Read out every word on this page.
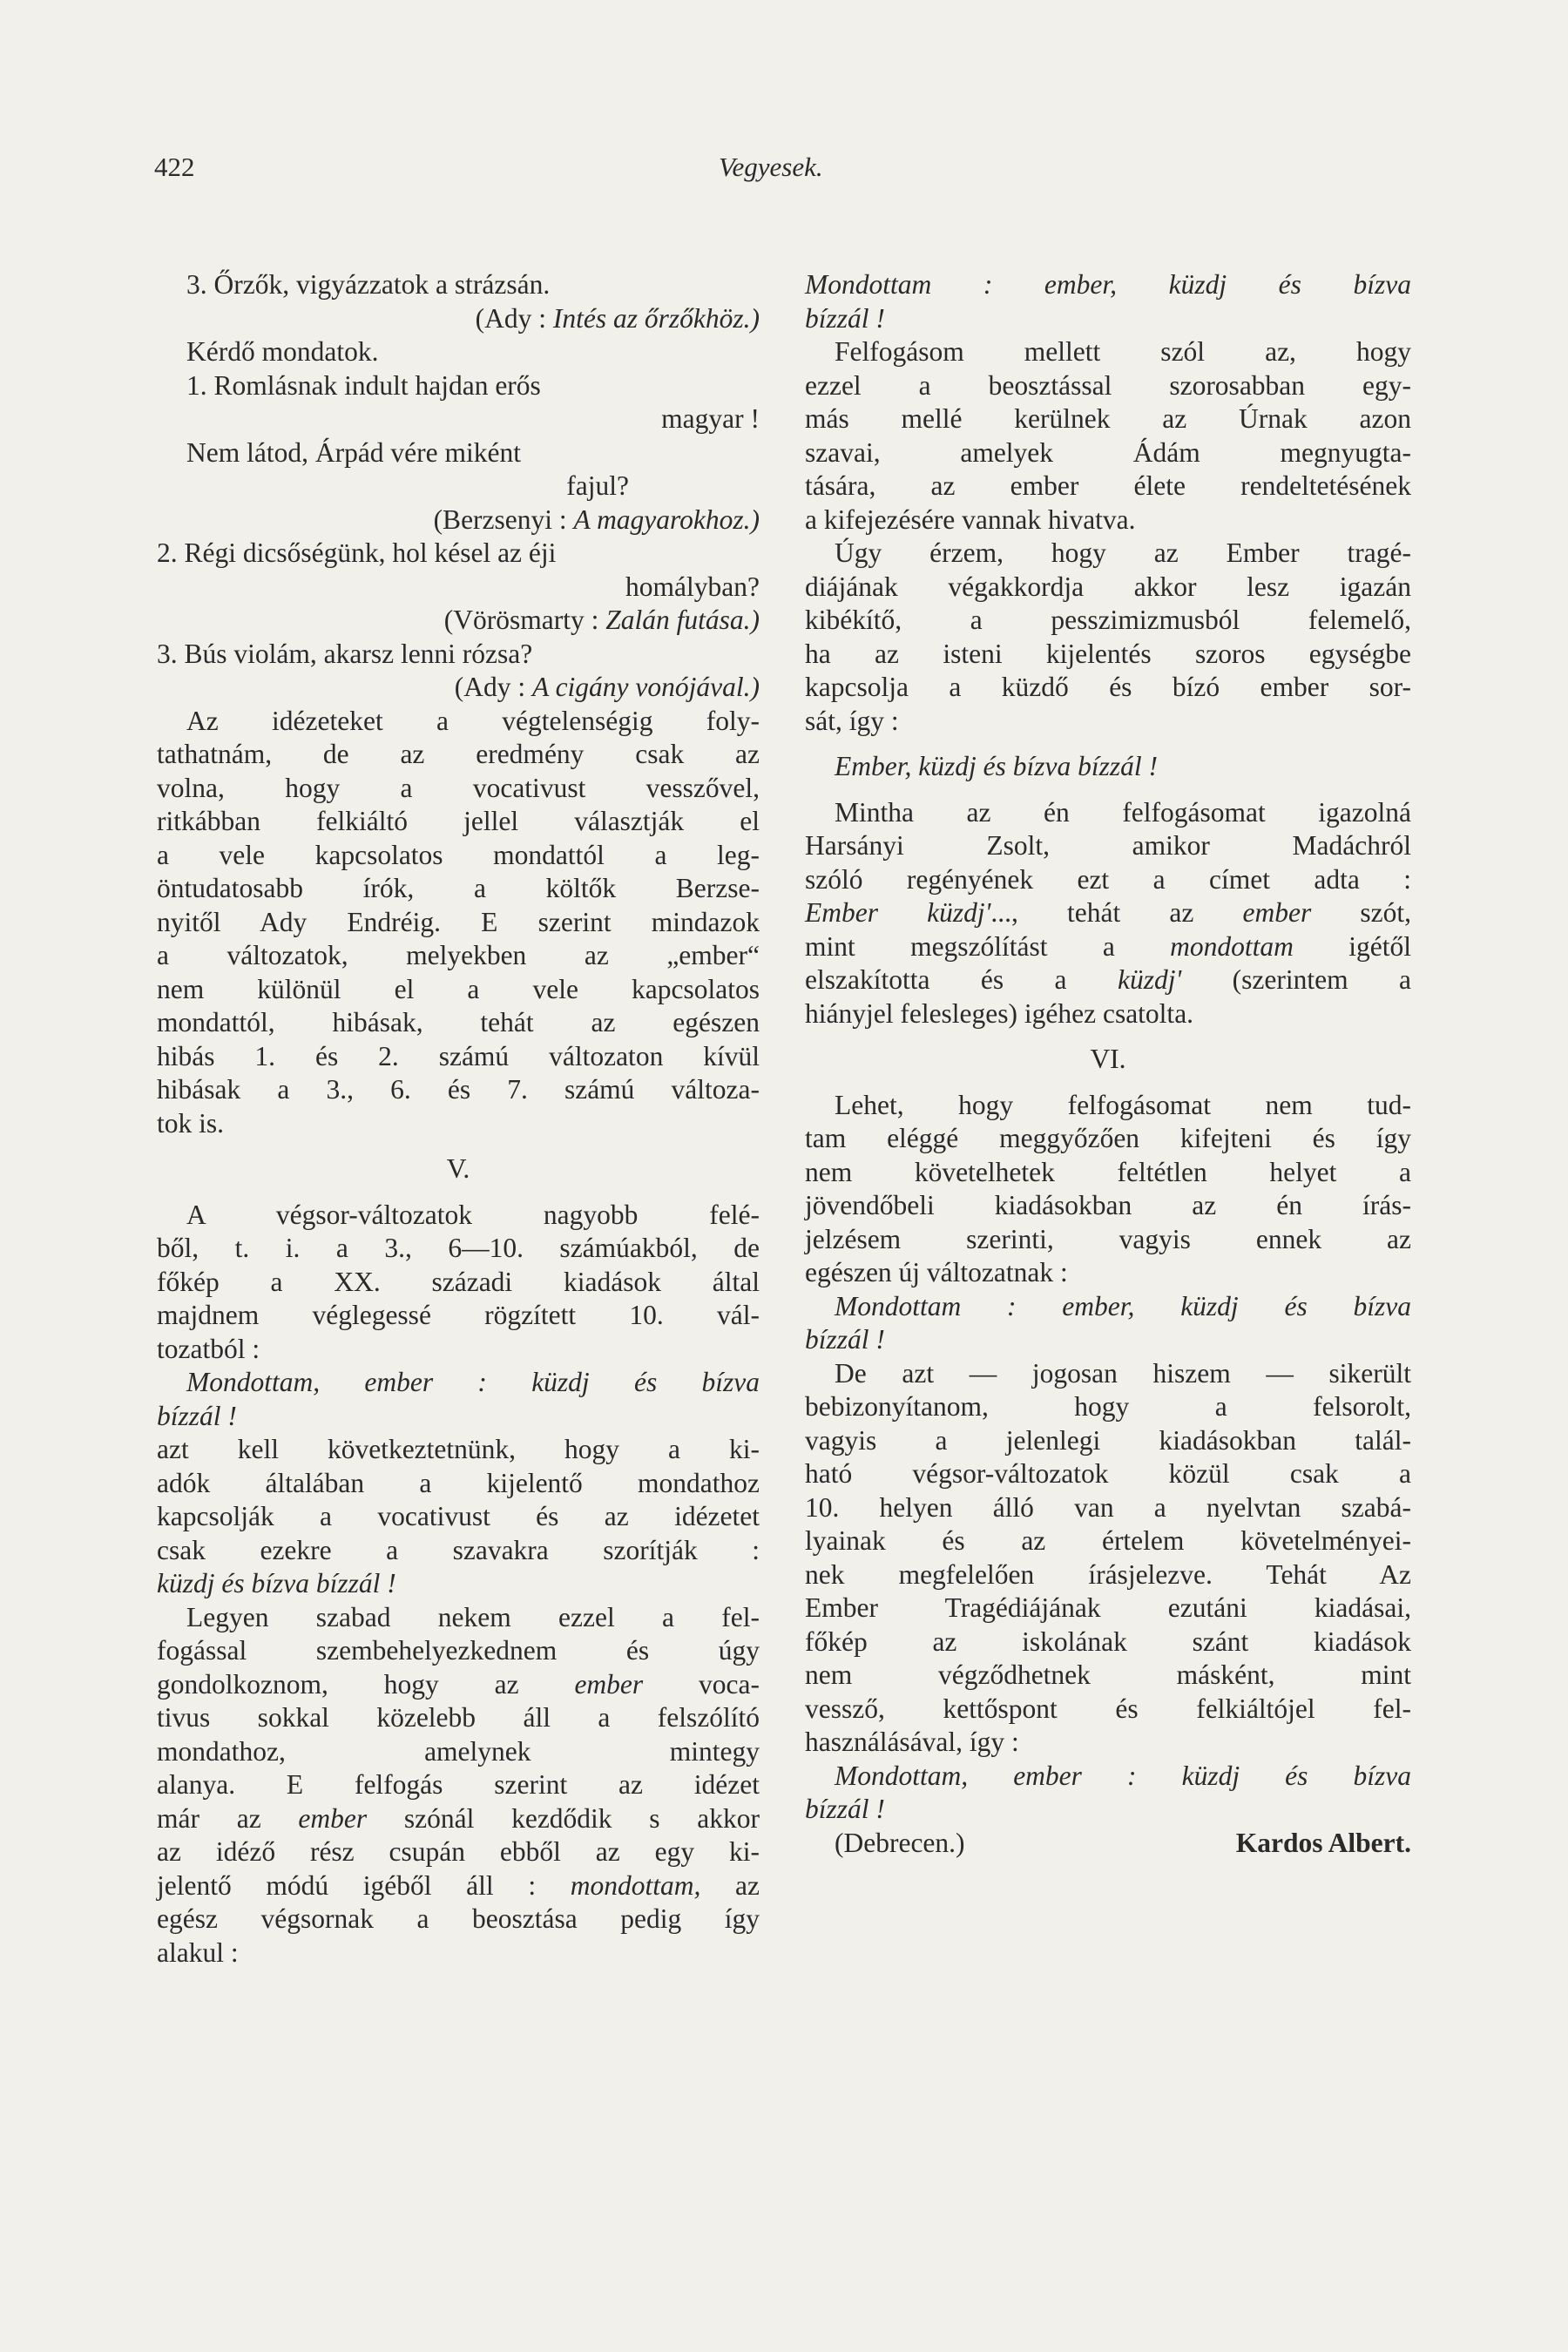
422	Vegyesek.
3. Őrzők, vigyázzatok a strázsán.
(Ady : Intés az őrzőkhöz.)
Kérdő mondatok.
1. Romlásnak indult hajdan erős
magyar !
Nem látod, Árpád vére miként
fajul?
(Berzsenyi : A magyarokhoz.)
2. Régi dicsőségünk, hol késel az éji
homályban?
(Vörösmarty : Zalán futása.)
3. Bús violám, akarsz lenni rózsa?
(Ady : A cigány vonójával.)
Az idézeteket a végtelenségig foly-
tathatnám, de az eredmény csak az
volna, hogy a vocativust vesszővel,
ritkábban felkiáltó jellel választják el
a vele kapcsolatos mondattól a leg-
öntudatosabb írók, a költők Berzse-
nyitől Ady Endréig. E szerint mindazok
a változatok, melyekben az „ember“
nem különül el a vele kapcsolatos
mondattól, hibásak, tehát az egészen
hibás 1. és 2. számú változaton kívül
hibásak a 3., 6. és 7. számú változa-
tok is.
V.
A végsor-változatok nagyobb felé-
ből, t. i. a 3., 6—10. számúakból, de
főkép a XX. századi kiadások által
majdnem véglegessé rögzített 10. vál-
tozatból :
Mondottam, ember : küzdj és bízva
bízzál !
azt kell következtetnünk, hogy a ki-
adók általában a kijelentő mondathoz
kapcsolják a vocativust és az idézetet
csak ezekre a szavakra szorítják :
küzdj és bízva bízzál !
Legyen szabad nekem ezzel a fel-
fogással szembehelyezkednem és úgy
gondolkoznom, hogy az ember voca-
tivus sokkal közelebb áll a felszólító
mondathoz, amelynek mintegy
alanya. E felfogás szerint az idézet
már az ember szónál kezdődik s akkor
az idéző rész csupán ebből az egy ki-
jelentő módú igéből áll : mondottam, az
egész végsornak a beosztása pedig így
alakul :
Mondottam : ember, küzdj és bízva
bízzál !
Felfogásom mellett szól az, hogy
ezzel a beosztással szorosabban egy-
más mellé kerülnek az Úrnak azon
szavai, amelyek Ádám megnyugta-
tására, az ember élete rendeltetésének
a kifejezésére vannak hivatva.
Úgy érzem, hogy az Ember tragé-
diájának végakkordja akkor lesz igazán
kibékítő, a pesszimizmusból felemelő,
ha az isteni kijelentés szoros egységbe
kapcsolja a küzdő és bízó ember sor-
sát, így :
Ember, küzdj és bízva bízzál !
Mintha az én felfogásomat igazolná
Harsányi Zsolt, amikor Madáchról
szóló regényének ezt a címet adta :
Ember küzdj'..., tehát az ember szót,
mint megszólítást a mondottam igétől
elszakította és a küzdj' (szerintem a
hiányjel felesleges) igéhez csatolta.
VI.
Lehet, hogy felfogásomat nem tud-
tam eléggé meggyőzően kifejteni és így
nem követelhetek feltétlen helyet a
jövendőbeli kiadásokban az én írás-
jelzésem szerinti, vagyis ennek az
egészen új változatnak :
Mondottam : ember, küzdj és bízva
bízzál !
De azt — jogosan hiszem — sikerült
bebizonyítanom, hogy a felsorolt,
vagyis a jelenlegi kiadásokban talál-
ható végsor-változatok közül csak a
10. helyen álló van a nyelvtan szabá-
lyainak és az értelem követelményei-
nek megfelelően írásjelezve. Tehát Az
Ember Tragédiájának ezutáni kiadásai,
főkép az iskolának szánt kiadások
nem végződhetnek másként, mint
vessző, kettőspont és felkiáltójel fel-
használásával, így :
Mondottam, ember : küzdj és bízva
bízzál !
(Debrecen.)	Kardos Albert.
